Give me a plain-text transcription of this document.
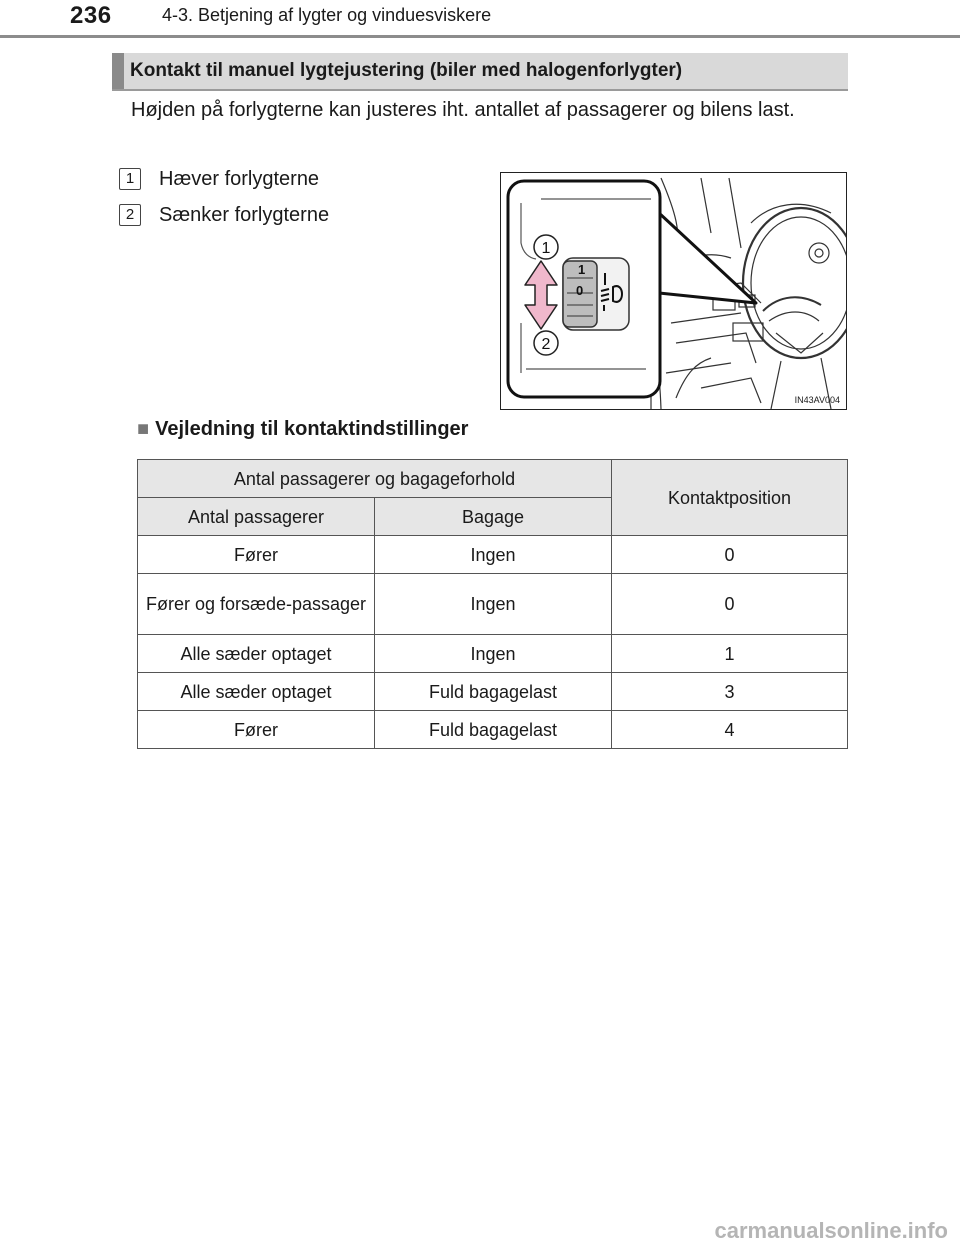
236	4-3. Betjening af lygter og vinduesviskere
Kontakt til manuel lygtejustering (biler med halogenforlygter)
Højden på forlygterne kan justeres iht. antallet af passagerer og bilens last.
1 Hæver forlygterne
2 Sænker forlygterne
1
0
1
2
IN43AV004
■ Vejledning til kontaktindstillinger
Antal passagerer og bagageforhold		Kontaktposition
Antal passagerer	Bagage	
Fører	Ingen	0
Fører og forsæde-passager	Ingen	0
Alle sæder optaget	Ingen	1
Alle sæder optaget	Fuld bagagelast	3
Fører	Fuld bagagelast	4
carmanualsonline.info
